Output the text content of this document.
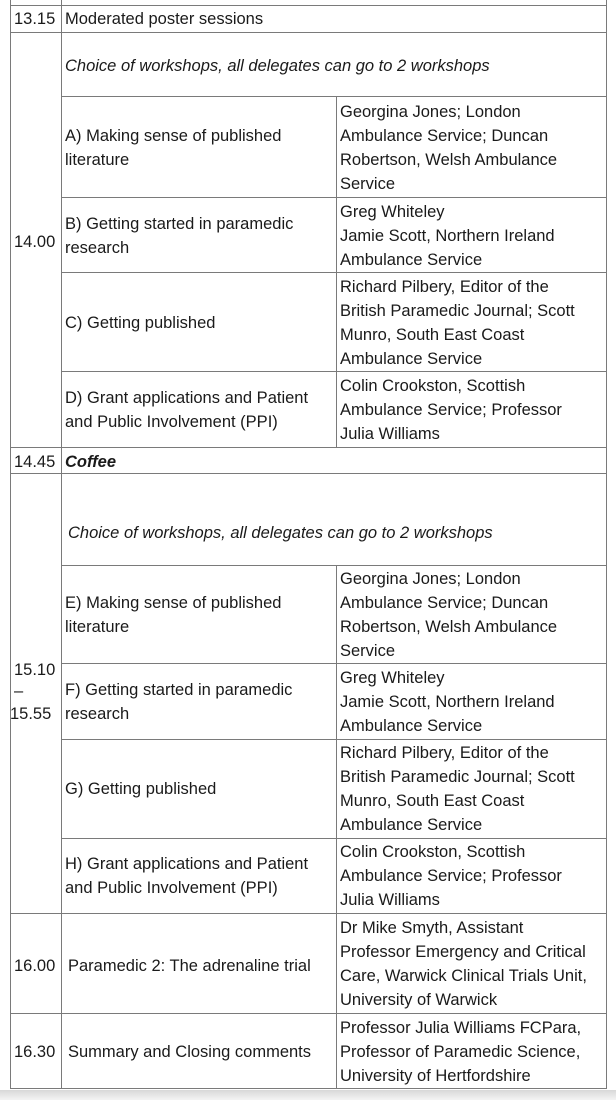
13.15 Moderated poster sessions
14.00
Choice of workshops, all delegates can go to 2 workshops
A) Making sense of published
literature
Georgina Jones; London
Ambulance Service; Duncan
Robertson, Welsh Ambulance
Service
B) Getting started in paramedic
research
Greg Whiteley
Jamie Scott, Northern Ireland
Ambulance Service
C) Getting published
Richard Pilbery, Editor of the
British Paramedic Journal; Scott
Munro, South East Coast
Ambulance Service
D) Grant applications and Patient
and Public Involvement (PPI)
Colin Crookston, Scottish
Ambulance Service; Professor
Julia Williams
14.45 Coffee
15.10
–
15.55
Choice of workshops, all delegates can go to 2 workshops
E) Making sense of published
literature
Georgina Jones; London
Ambulance Service; Duncan
Robertson, Welsh Ambulance
Service
F) Getting started in paramedic
research
Greg Whiteley
Jamie Scott, Northern Ireland
Ambulance Service
G) Getting published
Richard Pilbery, Editor of the
British Paramedic Journal; Scott
Munro, South East Coast
Ambulance Service
H) Grant applications and Patient
and Public Involvement (PPI)
Colin Crookston, Scottish
Ambulance Service; Professor
Julia Williams
16.00 Paramedic 2: The adrenaline trial
Dr Mike Smyth, Assistant
Professor Emergency and Critical
Care, Warwick Clinical Trials Unit,
University of Warwick
16.30 Summary and Closing comments
Professor Julia Williams FCPara,
Professor of Paramedic Science,
University of Hertfordshire
